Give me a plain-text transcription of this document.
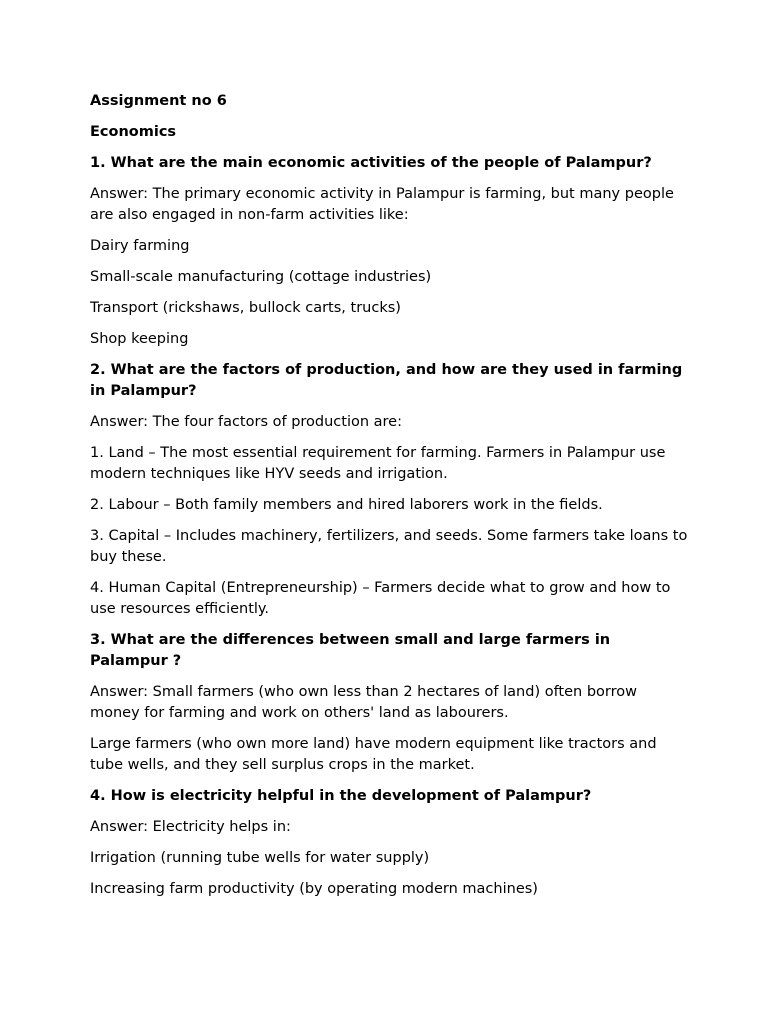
Assignment no 6

Economics

1. What are the main economic activities of the people of Palampur?

Answer: The primary economic activity in Palampur is farming, but many people are also engaged in non-farm activities like:

Dairy farming

Small-scale manufacturing (cottage industries)

Transport (rickshaws, bullock carts, trucks)

Shop keeping

2. What are the factors of production, and how are they used in farming in Palampur?

Answer: The four factors of production are:

1. Land – The most essential requirement for farming. Farmers in Palampur use modern techniques like HYV seeds and irrigation.

2. Labour – Both family members and hired laborers work in the fields.

3. Capital – Includes machinery, fertilizers, and seeds. Some farmers take loans to buy these.

4. Human Capital (Entrepreneurship) – Farmers decide what to grow and how to use resources efficiently.

3. What are the differences between small and large farmers in Palampur ?

Answer: Small farmers (who own less than 2 hectares of land) often borrow money for farming and work on others' land as labourers.

Large farmers (who own more land) have modern equipment like tractors and tube wells, and they sell surplus crops in the market.

4. How is electricity helpful in the development of Palampur?

Answer: Electricity helps in:

Irrigation (running tube wells for water supply)

Increasing farm productivity (by operating modern machines)
